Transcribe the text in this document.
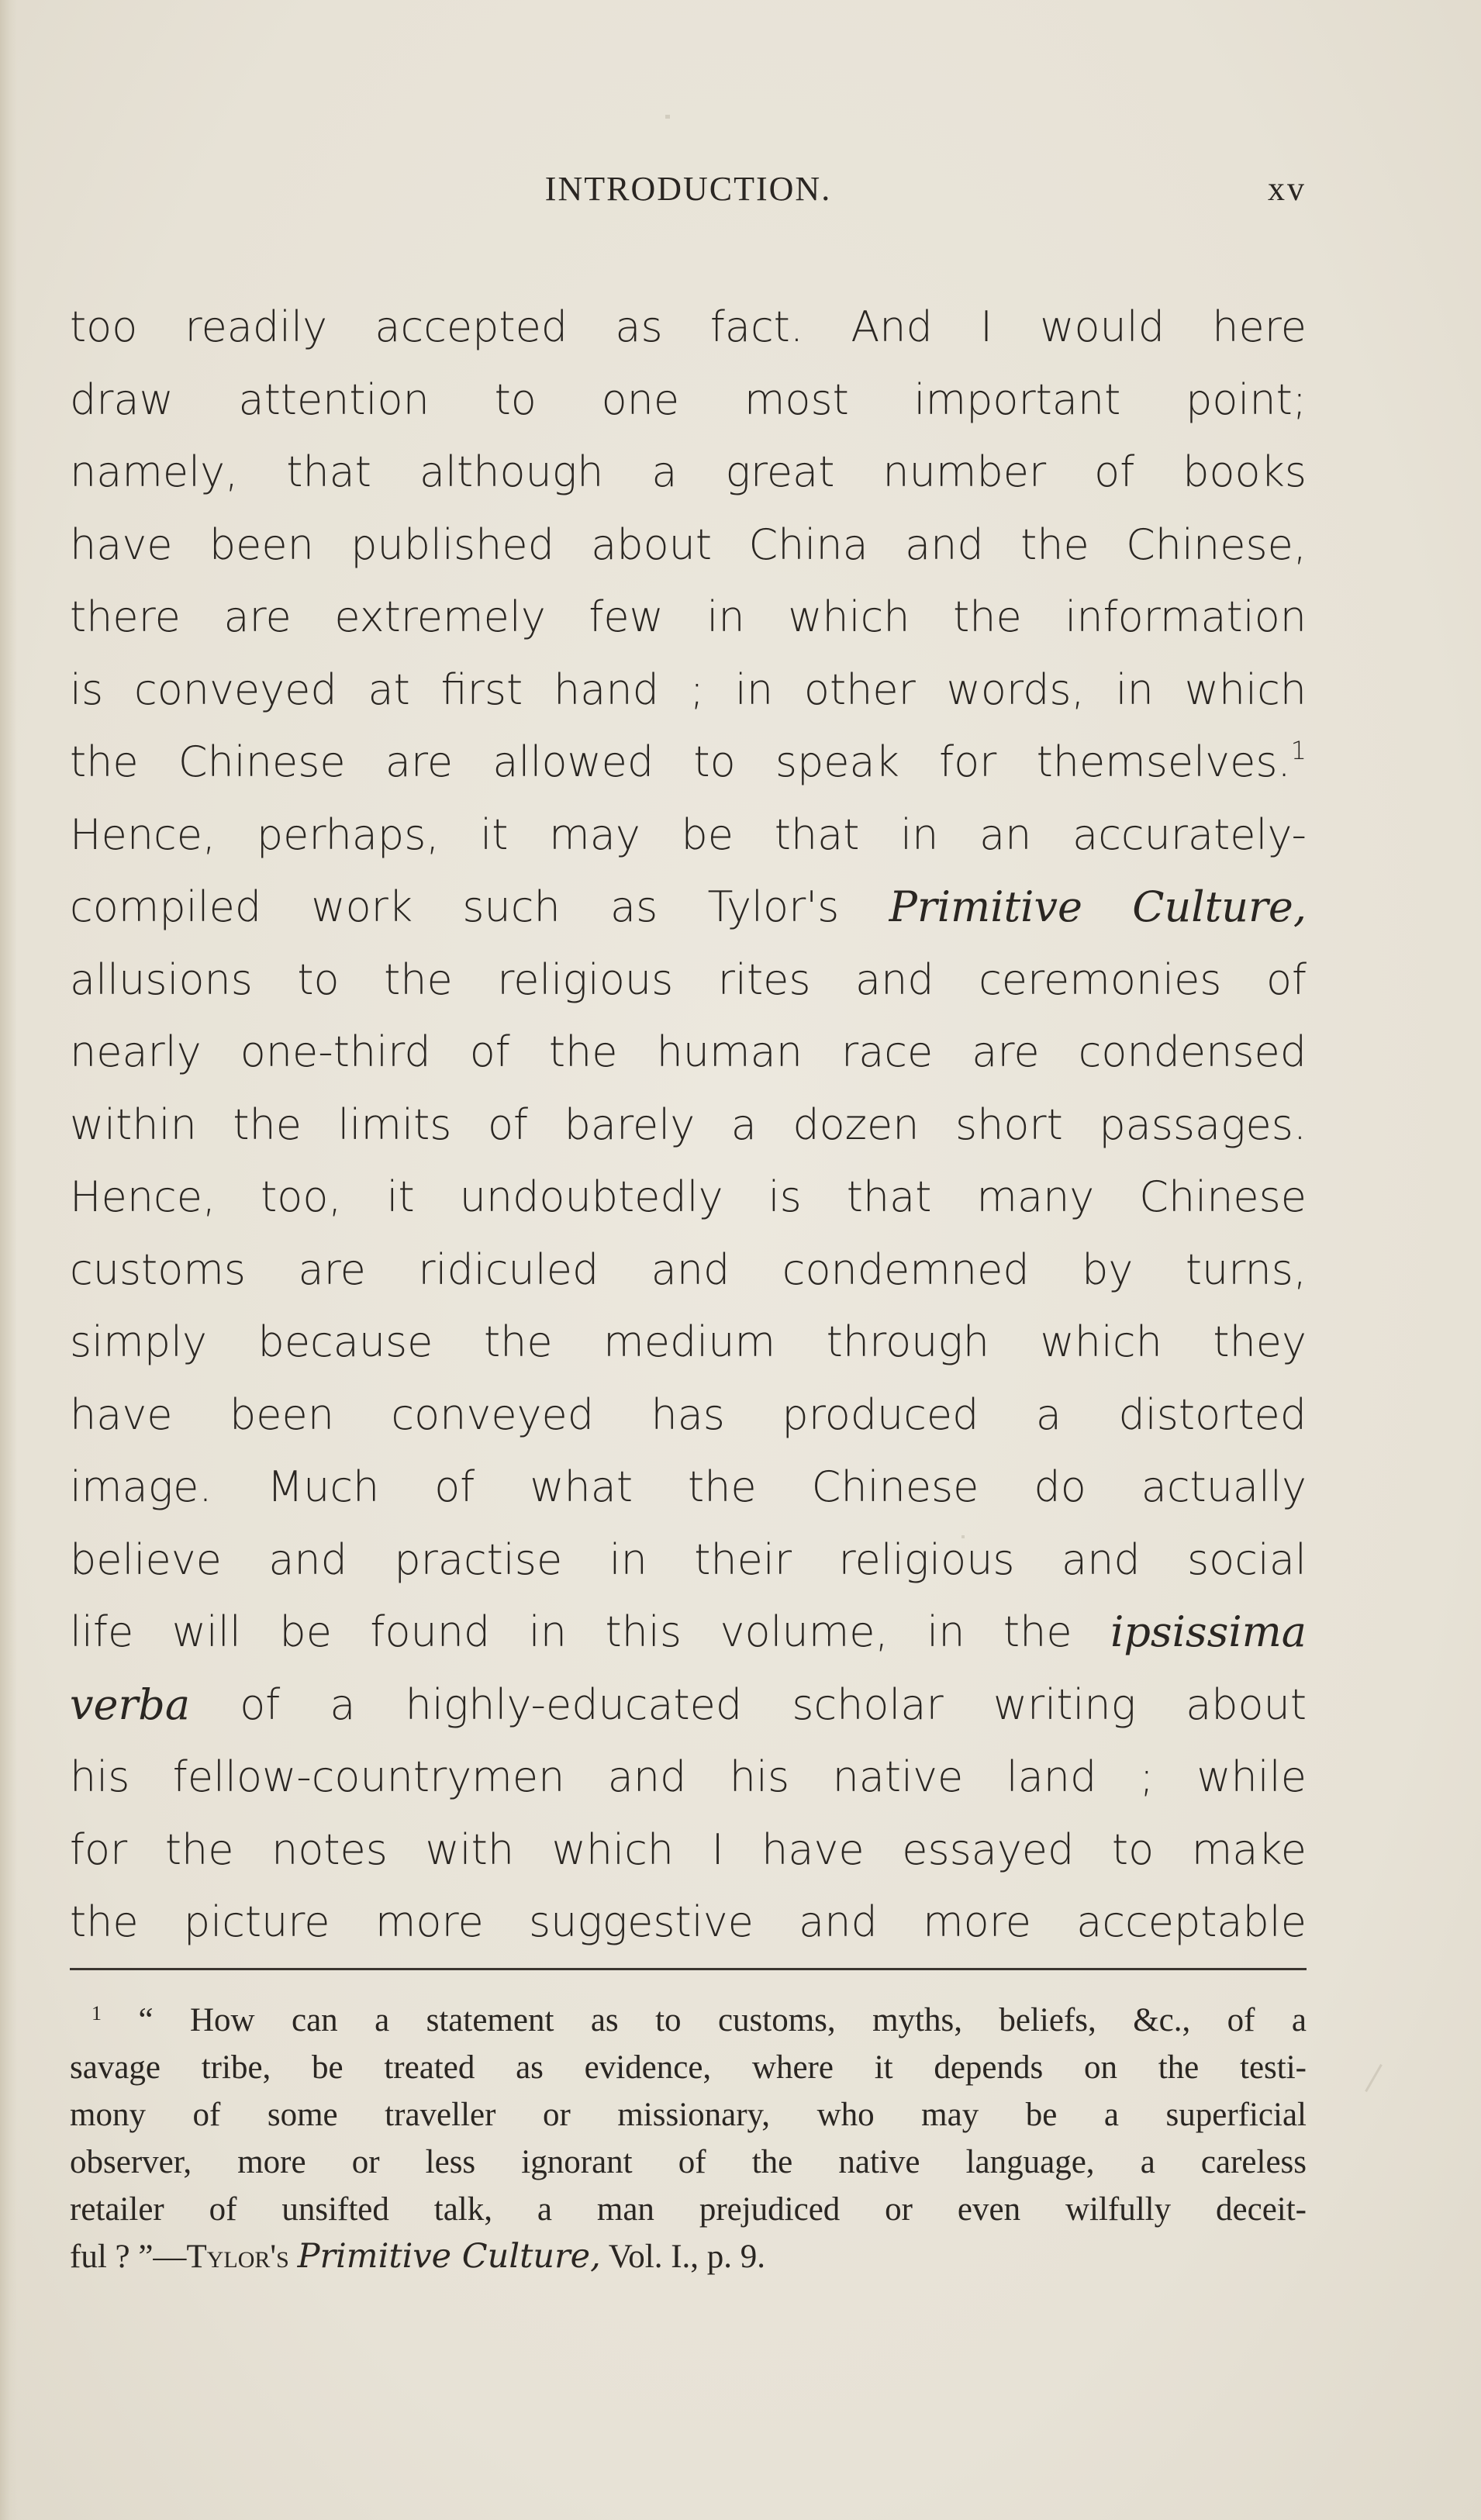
INTRODUCTION.	xv
too readily accepted as fact. And I would here
draw attention to one most important point;
namely, that although a great number of books
have been published about China and the Chinese,
there are extremely few in which the information
is conveyed at first hand ; in other words, in which
the Chinese are allowed to speak for themselves.$^1$
Hence, perhaps, it may be that in an accurately-
compiled work such as Tylor's Primitive Culture,
allusions to the religious rites and ceremonies of
nearly one-third of the human race are condensed
within the limits of barely a dozen short passages.
Hence, too, it undoubtedly is that many Chinese
customs are ridiculed and condemned by turns,
simply because the medium through which they
have been conveyed has produced a distorted
image. Much of what the Chinese do actually
believe and practise in their religious and social
life will be found in this volume, in the ipsissima
verba of a highly-educated scholar writing about
his fellow-countrymen and his native land ; while
for the notes with which I have essayed to make
the picture more suggestive and more acceptable
$^1$ “ How can a statement as to customs, myths, beliefs, &c., of a
savage tribe, be treated as evidence, where it depends on the testi-
mony of some traveller or missionary, who may be a superficial
observer, more or less ignorant of the native language, a careless
retailer of unsifted talk, a man prejudiced or even wilfully deceit-
ful ? ”—Tylor's Primitive Culture, Vol. I., p. 9.
